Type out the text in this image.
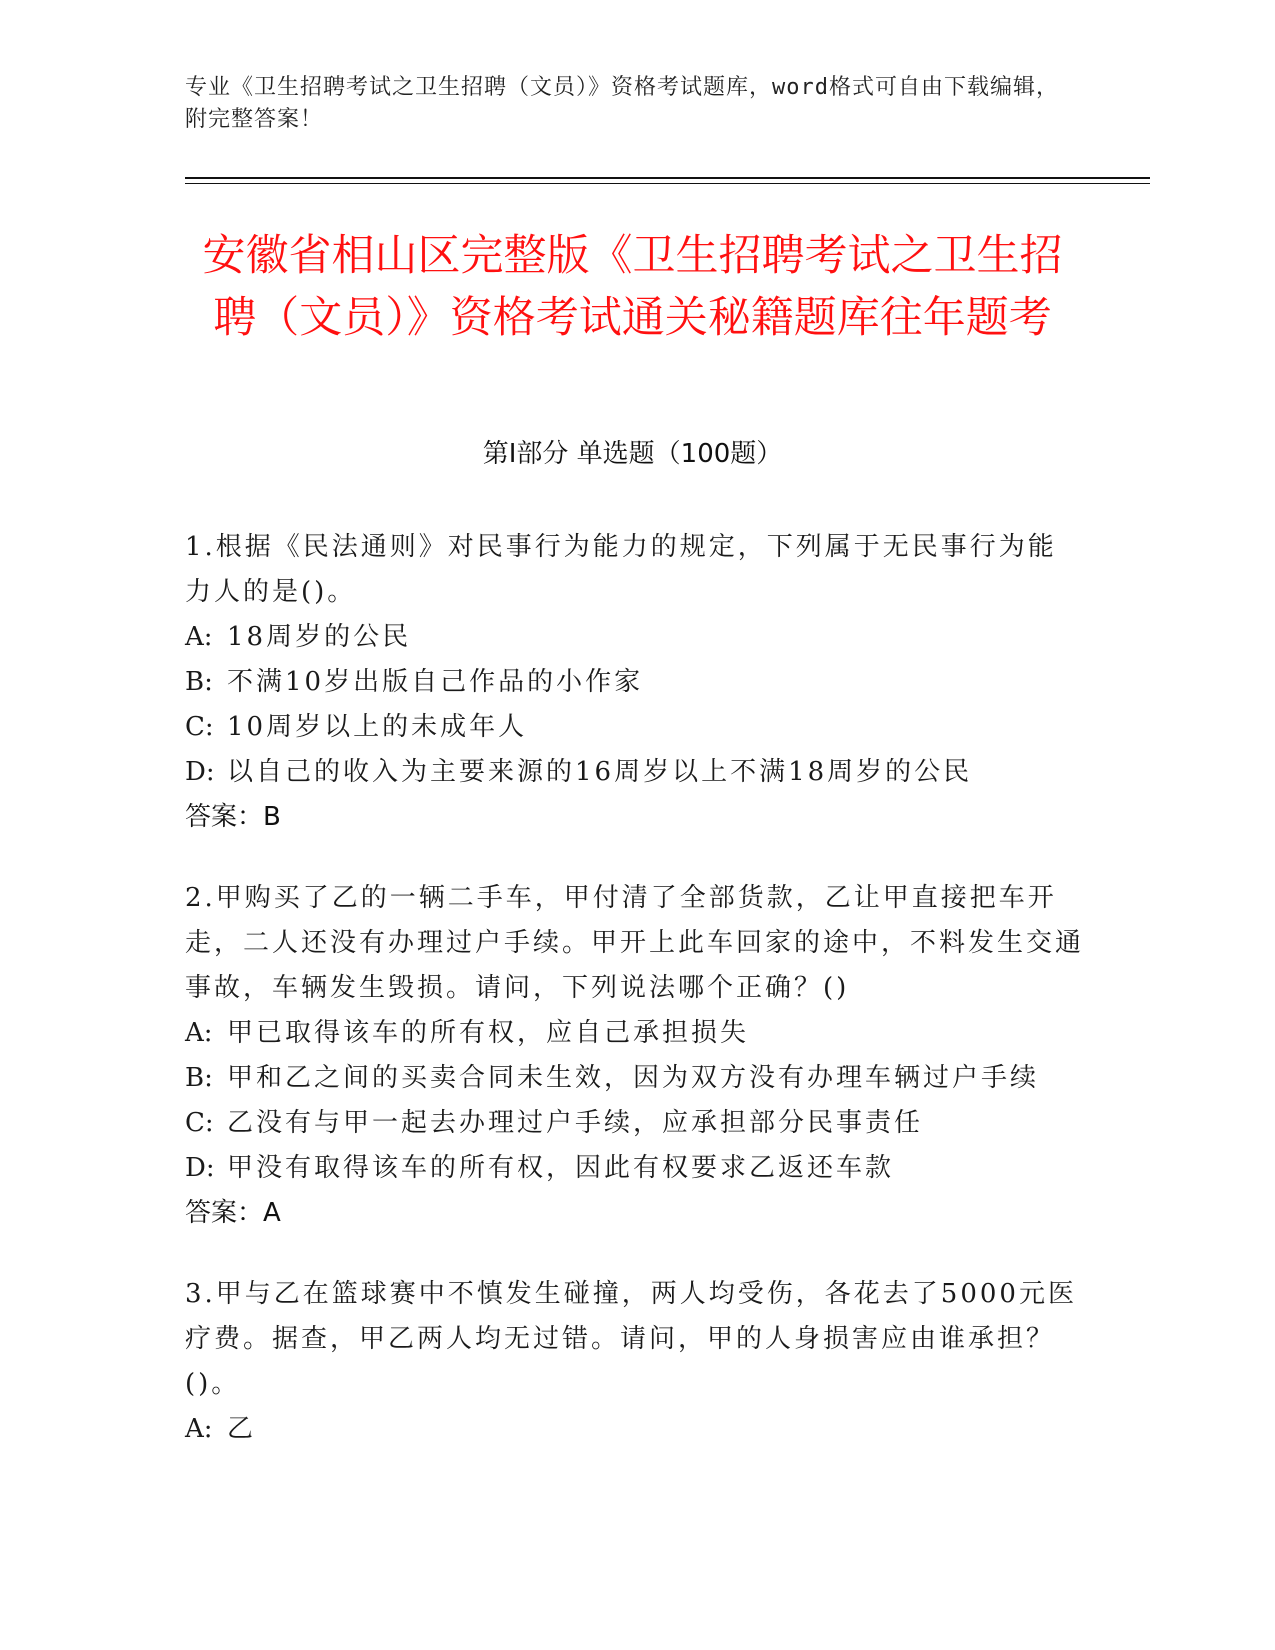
专业《卫生招聘考试之卫生招聘（文员）》资格考试题库，word格式可自由下载编辑，附完整答案！
安徽省相山区完整版《卫生招聘考试之卫生招聘（文员）》资格考试通关秘籍题库往年题考
第Ⅰ部分 单选题（100题）
1.根据《民法通则》对民事行为能力的规定，下列属于无民事行为能力人的是()。
A: 18周岁的公民
B: 不满10岁出版自己作品的小作家
C: 10周岁以上的未成年人
D: 以自己的收入为主要来源的16周岁以上不满18周岁的公民
答案：B
2.甲购买了乙的一辆二手车，甲付清了全部货款，乙让甲直接把车开走，二人还没有办理过户手续。甲开上此车回家的途中，不料发生交通事故，车辆发生毁损。请问，下列说法哪个正确？()
A: 甲已取得该车的所有权，应自己承担损失
B: 甲和乙之间的买卖合同未生效，因为双方没有办理车辆过户手续
C: 乙没有与甲一起去办理过户手续，应承担部分民事责任
D: 甲没有取得该车的所有权，因此有权要求乙返还车款
答案：A
3.甲与乙在篮球赛中不慎发生碰撞，两人均受伤，各花去了5000元医疗费。据查，甲乙两人均无过错。请问，甲的人身损害应由谁承担？()。
A: 乙
